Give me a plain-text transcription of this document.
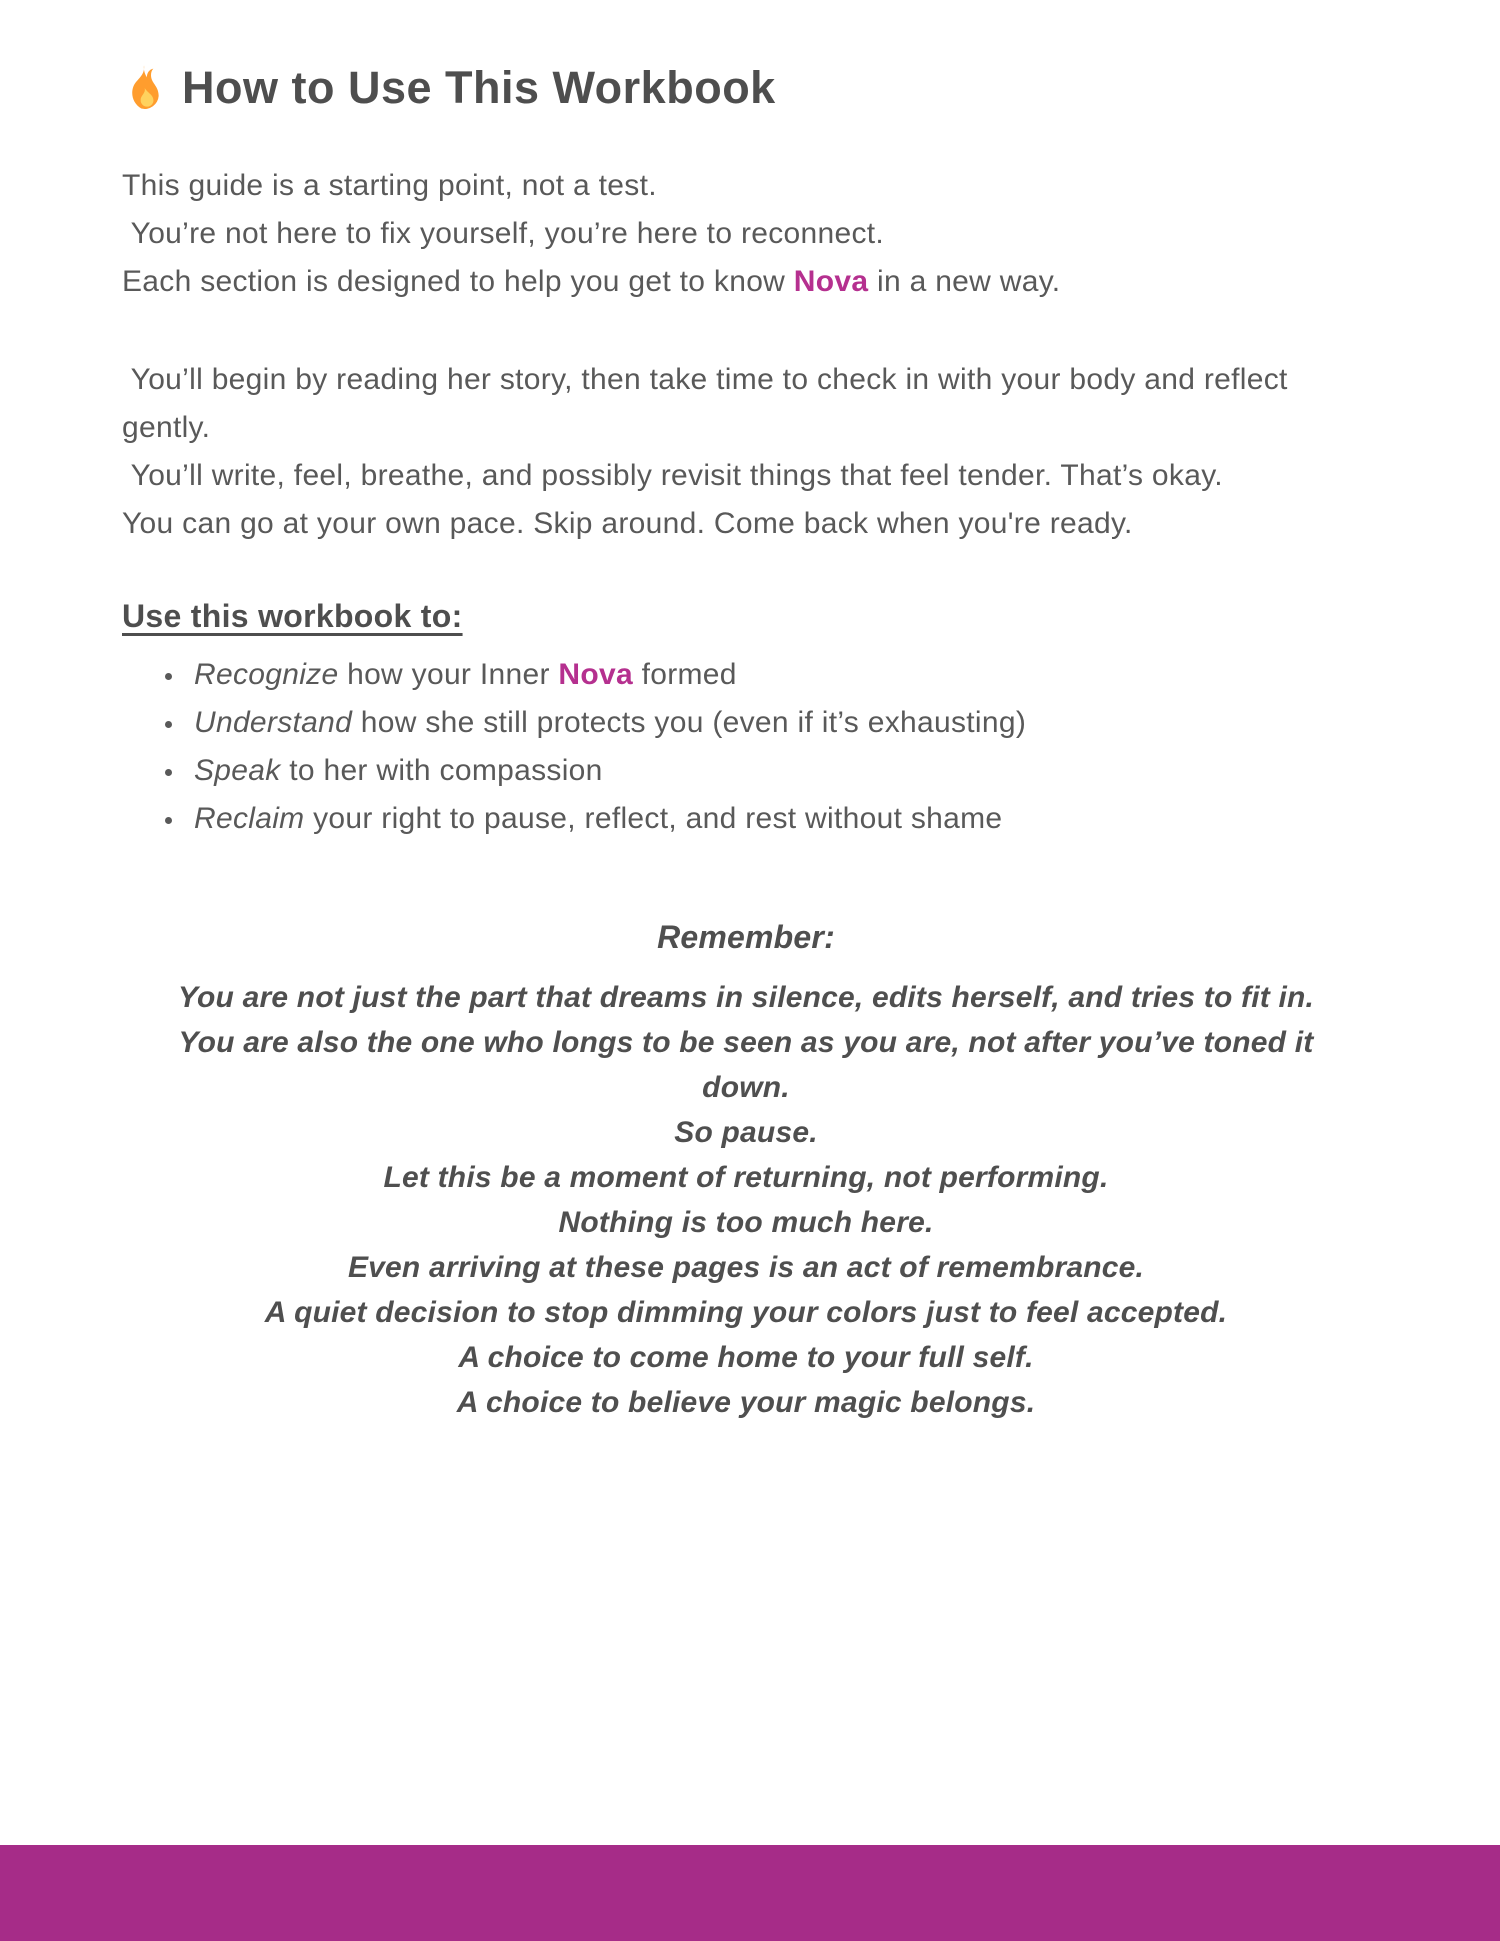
How to Use This Workbook
This guide is a starting point, not a test.
You’re not here to fix yourself, you’re here to reconnect.
Each section is designed to help you get to know Nova in a new way.
You’ll begin by reading her story, then take time to check in with your body and reflect gently.
You’ll write, feel, breathe, and possibly revisit things that feel tender. That’s okay.
You can go at your own pace. Skip around. Come back when you're ready.
Use this workbook to:
• Recognize how your Inner Nova formed
• Understand how she still protects you (even if it’s exhausting)
• Speak to her with compassion
• Reclaim your right to pause, reflect, and rest without shame
Remember:
You are not just the part that dreams in silence, edits herself, and tries to fit in.
You are also the one who longs to be seen as you are, not after you’ve toned it down.
So pause.
Let this be a moment of returning, not performing.
Nothing is too much here.
Even arriving at these pages is an act of remembrance.
A quiet decision to stop dimming your colors just to feel accepted.
A choice to come home to your full self.
A choice to believe your magic belongs.
